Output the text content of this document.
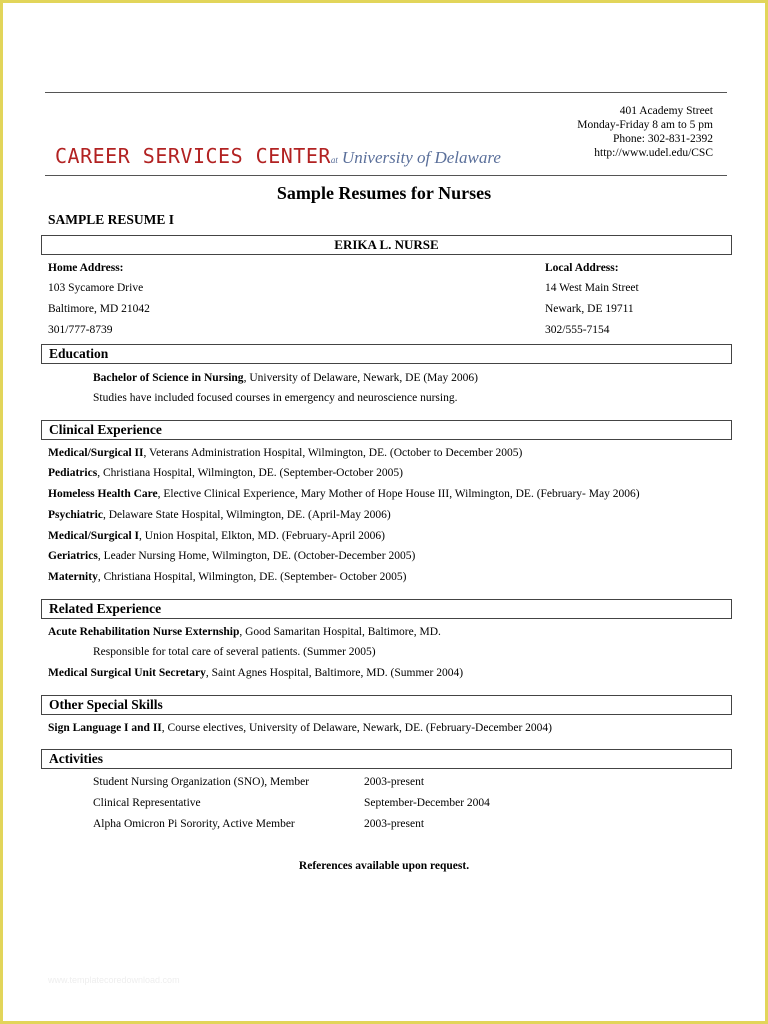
401 Academy Street
Monday-Friday 8 am to 5 pm
Phone: 302-831-2392
http://www.udel.edu/CSC
CAREER SERVICES CENTERat University of Delaware
Sample Resumes for Nurses
SAMPLE RESUME I
ERIKA L. NURSE
Home Address:
103 Sycamore Drive
Baltimore, MD 21042
301/777-8739
Local Address:
14 West Main Street
Newark, DE 19711
302/555-7154
Education
Bachelor of Science in Nursing, University of Delaware, Newark, DE (May 2006)
Studies have included focused courses in emergency and neuroscience nursing.
Clinical Experience
Medical/Surgical II, Veterans Administration Hospital, Wilmington, DE. (October to December 2005)
Pediatrics, Christiana Hospital, Wilmington, DE. (September-October 2005)
Homeless Health Care, Elective Clinical Experience, Mary Mother of Hope House III, Wilmington, DE. (February- May 2006)
Psychiatric, Delaware State Hospital, Wilmington, DE. (April-May 2006)
Medical/Surgical I, Union Hospital, Elkton, MD. (February-April 2006)
Geriatrics, Leader Nursing Home, Wilmington, DE. (October-December 2005)
Maternity, Christiana Hospital, Wilmington, DE. (September- October 2005)
Related Experience
Acute Rehabilitation Nurse Externship, Good Samaritan Hospital, Baltimore, MD.
Responsible for total care of several patients. (Summer 2005)
Medical Surgical Unit Secretary, Saint Agnes Hospital, Baltimore, MD. (Summer 2004)
Other Special Skills
Sign Language I and II, Course electives, University of Delaware, Newark, DE. (February-December 2004)
Activities
Student Nursing Organization (SNO), Member	2003-present
Clinical Representative	September-December 2004
Alpha Omicron Pi Sorority, Active Member	2003-present
References available upon request.
www.templatecoredownload.com
